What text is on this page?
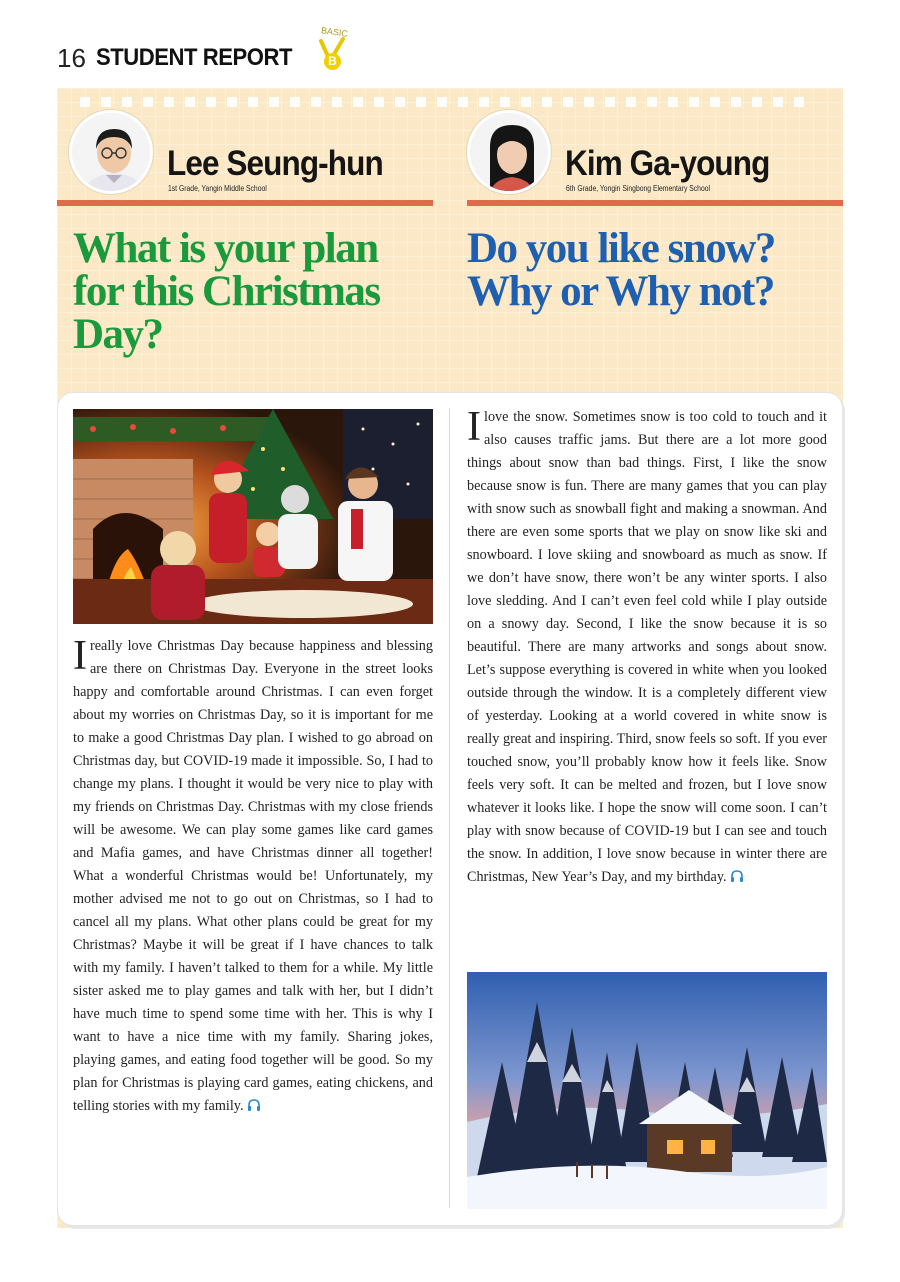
16 STUDENT REPORT
BASIC
B
Lee Seung-hun
1st Grade, Yangin Middle School
Kim Ga-young
6th Grade, Yongin Singbong Elementary School
What is your plan for this Christmas Day?
Do you like snow? Why or Why not?
I really love Christmas Day because happiness and blessing are there on Christmas Day. Everyone in the street looks happy and comfortable around Christmas. I can even forget about my worries on Christmas Day, so it is important for me to make a good Christmas Day plan. I wished to go abroad on Christmas day, but COVID-19 made it impossible. So, I had to change my plans. I thought it would be very nice to play with my friends on Christmas Day. Christmas with my close friends will be awesome. We can play some games like card games and Mafia games, and have Christmas dinner all together! What a wonderful Christmas would be! Unfortunately, my mother advised me not to go out on Christmas, so I had to cancel all my plans. What other plans could be great for my Christmas? Maybe it will be great if I have chances to talk with my family. I haven’t talked to them for a while. My little sister asked me to play games and talk with her, but I didn’t have much time to spend some time with her. This is why I want to have a nice time with my family. Sharing jokes, playing games, and eating food together will be good. So my plan for Christmas is playing card games, eating chickens, and telling stories with my family.
I love the snow. Sometimes snow is too cold to touch and it also causes traffic jams. But there are a lot more good things about snow than bad things. First, I like the snow because snow is fun. There are many games that you can play with snow such as snowball fight and making a snowman. And there are even some sports that we play on snow like ski and snowboard. I love skiing and snowboard as much as snow. If we don’t have snow, there won’t be any winter sports. I also love sledding. And I can’t even feel cold while I play outside on a snowy day. Second, I like the snow because it is so beautiful. There are many artworks and songs about snow. Let’s suppose everything is covered in white when you looked outside through the window. It is a completely different view of yesterday. Looking at a world covered in white snow is really great and inspiring. Third, snow feels so soft. If you ever touched snow, you’ll probably know how it feels like. Snow feels very soft. It can be melted and frozen, but I love snow whatever it looks like. I hope the snow will come soon. I can’t play with snow because of COVID-19 but I can see and touch the snow. In addition, I love snow because in winter there are Christmas, New Year’s Day, and my birthday.
